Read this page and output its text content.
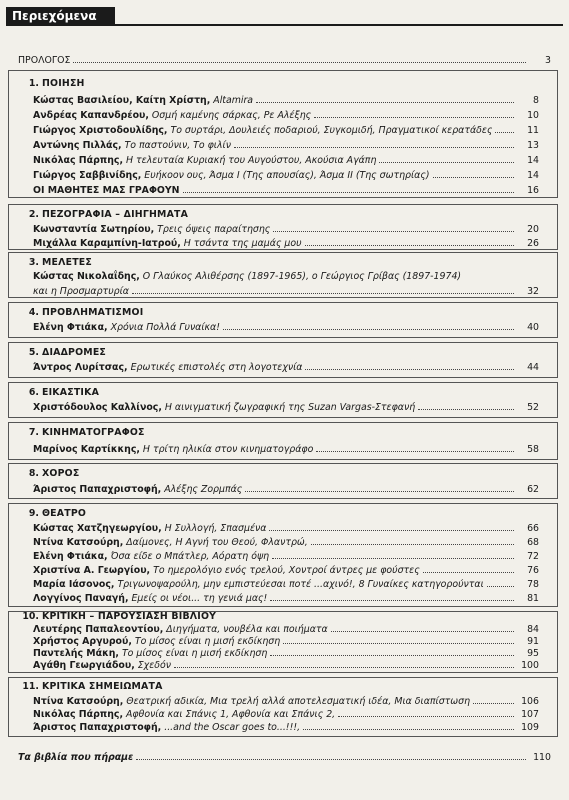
Περιεχόμενα
ΠΡΟΛΟΓΟΣ	3
1. ΠΟΙΗΣΗ
Κώστας Βασιλείου, Καίτη Χρίστη, Altamira	8
Ανδρέας Καπανδρέου, Οσμή καμένης σάρκας, Ρε Αλέξης	10
Γιώργος Χριστοδουλίδης, Το συρτάρι, Δουλειές ποδαριού, Συγκομιδή, Πραγματικοί κερατάδες	11
Αντώνης Πιλλάς, Το παστούνιν, Το φιλίν	13
Νικόλας Πάρπης, Η τελευταία Κυριακή του Αυγούστου, Ακούσια Αγάπη	14
Γιώργος Σαββινίδης, Ευήκοον ους, Άσμα I (Της απουσίας), Άσμα II (Της σωτηρίας)	14
ΟΙ ΜΑΘΗΤΕΣ ΜΑΣ ΓΡΑΦΟΥΝ	16
2. ΠΕΖΟΓΡΑΦΙΑ – ΔΙΗΓΗΜΑΤΑ
Κωνσταντία Σωτηρίου, Τρεις όψεις παραίτησης	20
Μιχάλλα Καραμπίνη-Ιατρού, Η τσάντα της μαμάς μου	26
3. ΜΕΛΕΤΕΣ
Κώστας Νικολαΐδης, Ο Γλαύκος Αλιθέρσης (1897-1965), ο Γεώργιος Γρίβας (1897-1974)
και η Προσμαρτυρία	32
4. ΠΡΟΒΛΗΜΑΤΙΣΜΟΙ
Ελένη Φτιάκα, Χρόνια Πολλά Γυναίκα!	40
5. ΔΙΑΔΡΟΜΕΣ
Άντρος Λυρίτσας, Ερωτικές επιστολές στη λογοτεχνία	44
6. ΕΙΚΑΣΤΙΚΑ
Χριστόδουλος Καλλίνος, Η αινιγματική ζωγραφική της Suzan Vargas-Στεφανή	52
7. ΚΙΝΗΜΑΤΟΓΡΑΦΟΣ
Μαρίνος Καρτίκκης, Η τρίτη ηλικία στον κινηματογράφο	58
8. ΧΟΡΟΣ
Άριστος Παπαχριστοφή, Αλέξης Ζορμπάς	62
9. ΘΕΑΤΡΟ
Κώστας Χατζηγεωργίου, Η Συλλογή, Σπασμένα	66
Ντίνα Κατσούρη, Δαίμονες, Η Αγνή του Θεού, Φλαντρώ,	68
Ελένη Φτιάκα, Όσα είδε ο Μπάτλερ, Αόρατη όψη	72
Χριστίνα Α. Γεωργίου, Το ημερολόγιο ενός τρελού, Χοντροί άντρες με φούστες	76
Μαρία Ιάσονος, Τριγωνοψαρούλη, μην εμπιστεύεσαι ποτέ ...αχινό!, 8 Γυναίκες κατηγορούνται	78
Λογγίνος Παναγή, Εμείς οι νέοι... τη γενιά μας!	81
10. ΚΡΙΤΙΚΗ – ΠΑΡΟΥΣΙΑΣΗ ΒΙΒΛΙΟΥ
Λευτέρης Παπαλεοντίου, Διηγήματα, νουβέλα και ποιήματα	84
Χρήστος Αργυρού, Το μίσος είναι η μισή εκδίκηση	91
Παντελής Μάκη, Το μίσος είναι η μισή εκδίκηση	95
Αγάθη Γεωργιάδου, Σχεδόν	100
11. ΚΡΙΤΙΚΑ ΣΗΜΕΙΩΜΑΤΑ
Ντίνα Κατσούρη, Θεατρική αδικία, Μια τρελή αλλά αποτελεσματική ιδέα, Μια διαπίστωση	106
Νικόλας Πάρπης, Αφθονία και Σπάνις 1, Αφθονία και Σπάνις 2,	107
Άριστος Παπαχριστοφή, ...and the Oscar goes to...!!!,	109
Τα βιβλία που πήραμε	110
